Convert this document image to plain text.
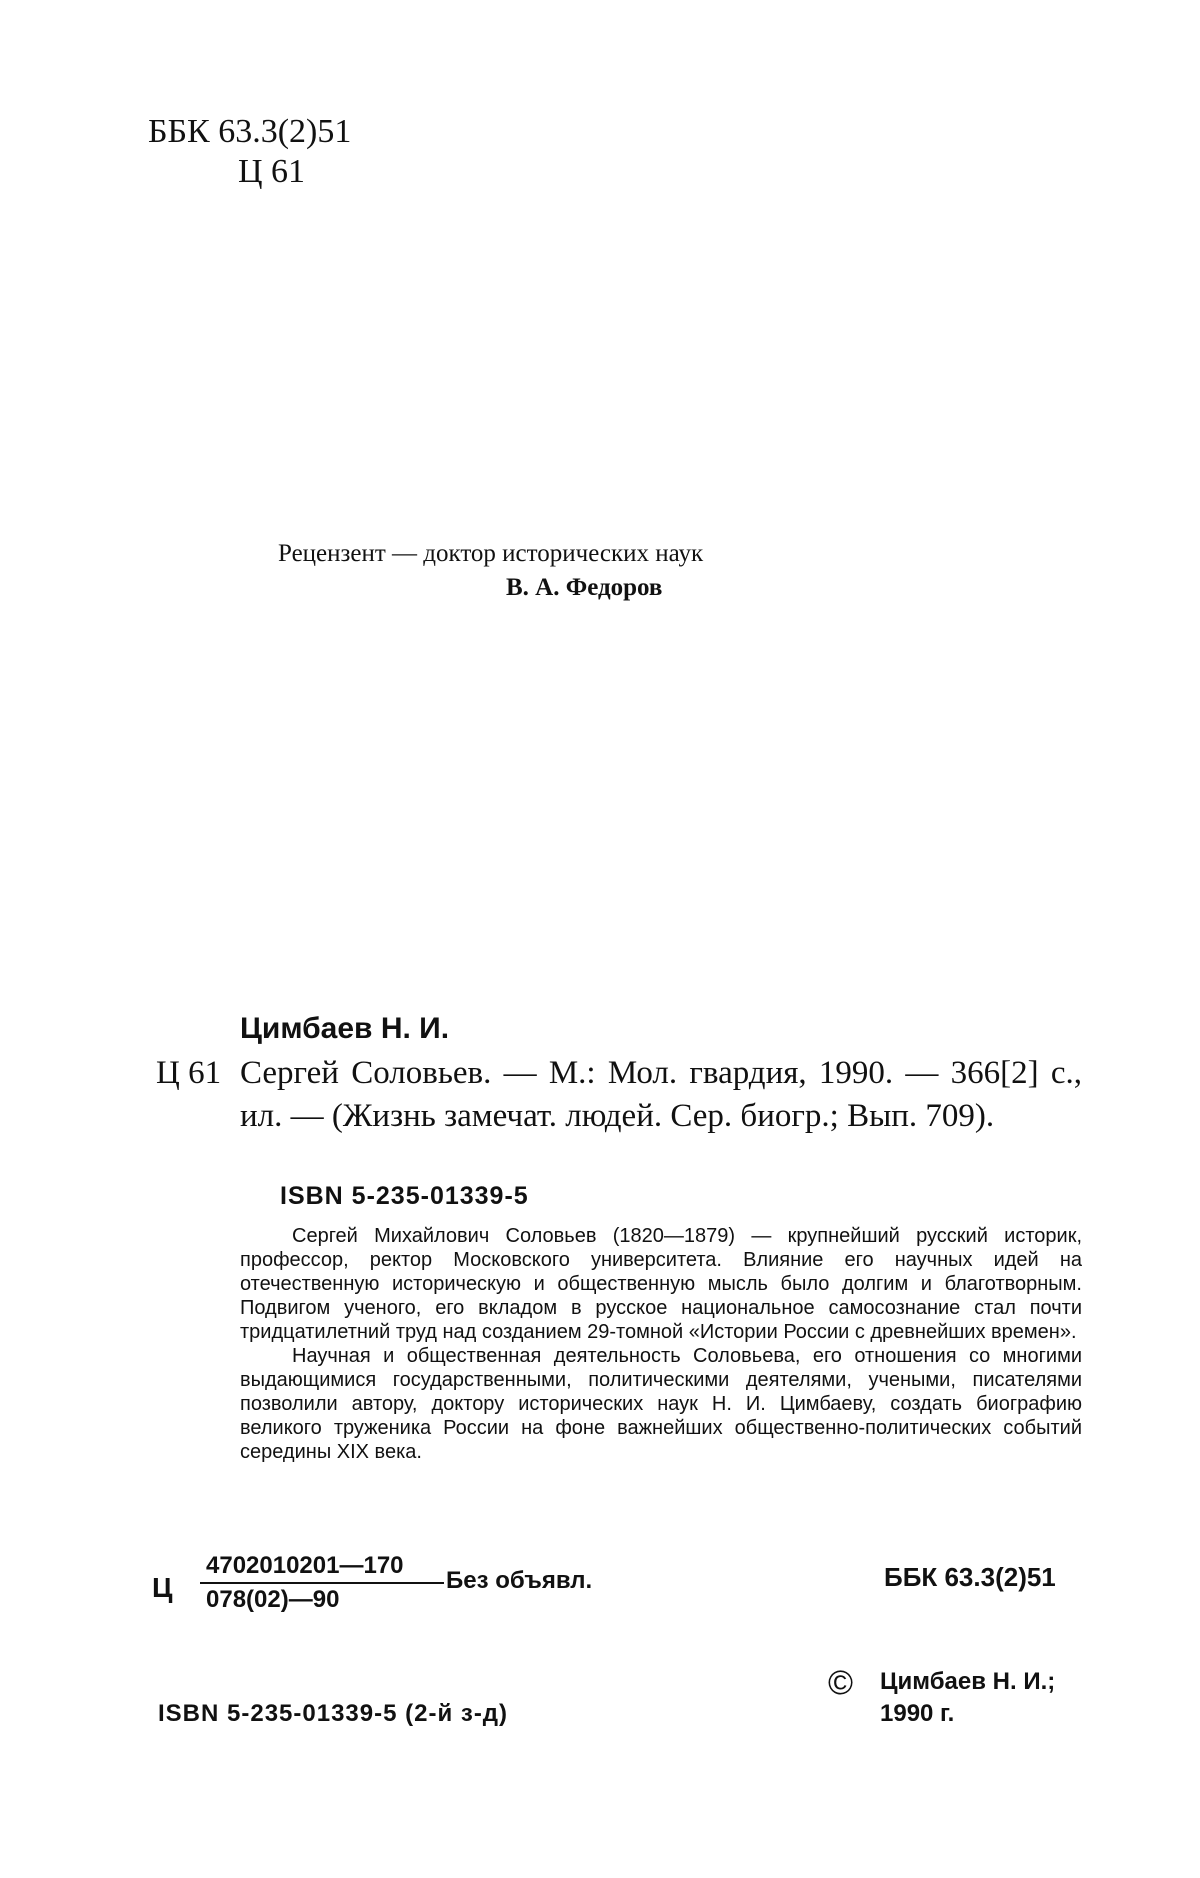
ББК 63.3(2)51
Ц 61
Рецензент — доктор исторических наук
В. А. Федоров
Цимбаев Н. И.
Ц 61 Сергей Соловьев. — М.: Мол. гвардия, 1990. — 366[2] с., ил. — (Жизнь замечат. людей. Сер. биогр.; Вып. 709).
ISBN 5-235-01339-5

Сергей Михайлович Соловьев (1820—1879) — крупнейший русский историк, профессор, ректор Московского университета. Влияние его научных идей на отечественную историческую и общественную мысль было долгим и благотворным. Подвигом ученого, его вкладом в русское национальное самосознание стал почти тридцатилетний труд над созданием 29-томной «Истории России с древнейших времен».

Научная и общественная деятельность Соловьева, его отношения со многими выдающимися государственными, политическими деятелями, учеными, писателями позволили автору, доктору исторических наук Н. И. Цимбаеву, создать биографию великого труженика России на фоне важнейших общественно-политических событий середины XIX века.

Ц $\frac{4702010201—170}{078(02)—90}$ Без объявл.	ББК 63.3(2)51
© Цимбаев Н. И.;
1990 г.
ISBN 5-235-01339-5 (2-й з-д)
